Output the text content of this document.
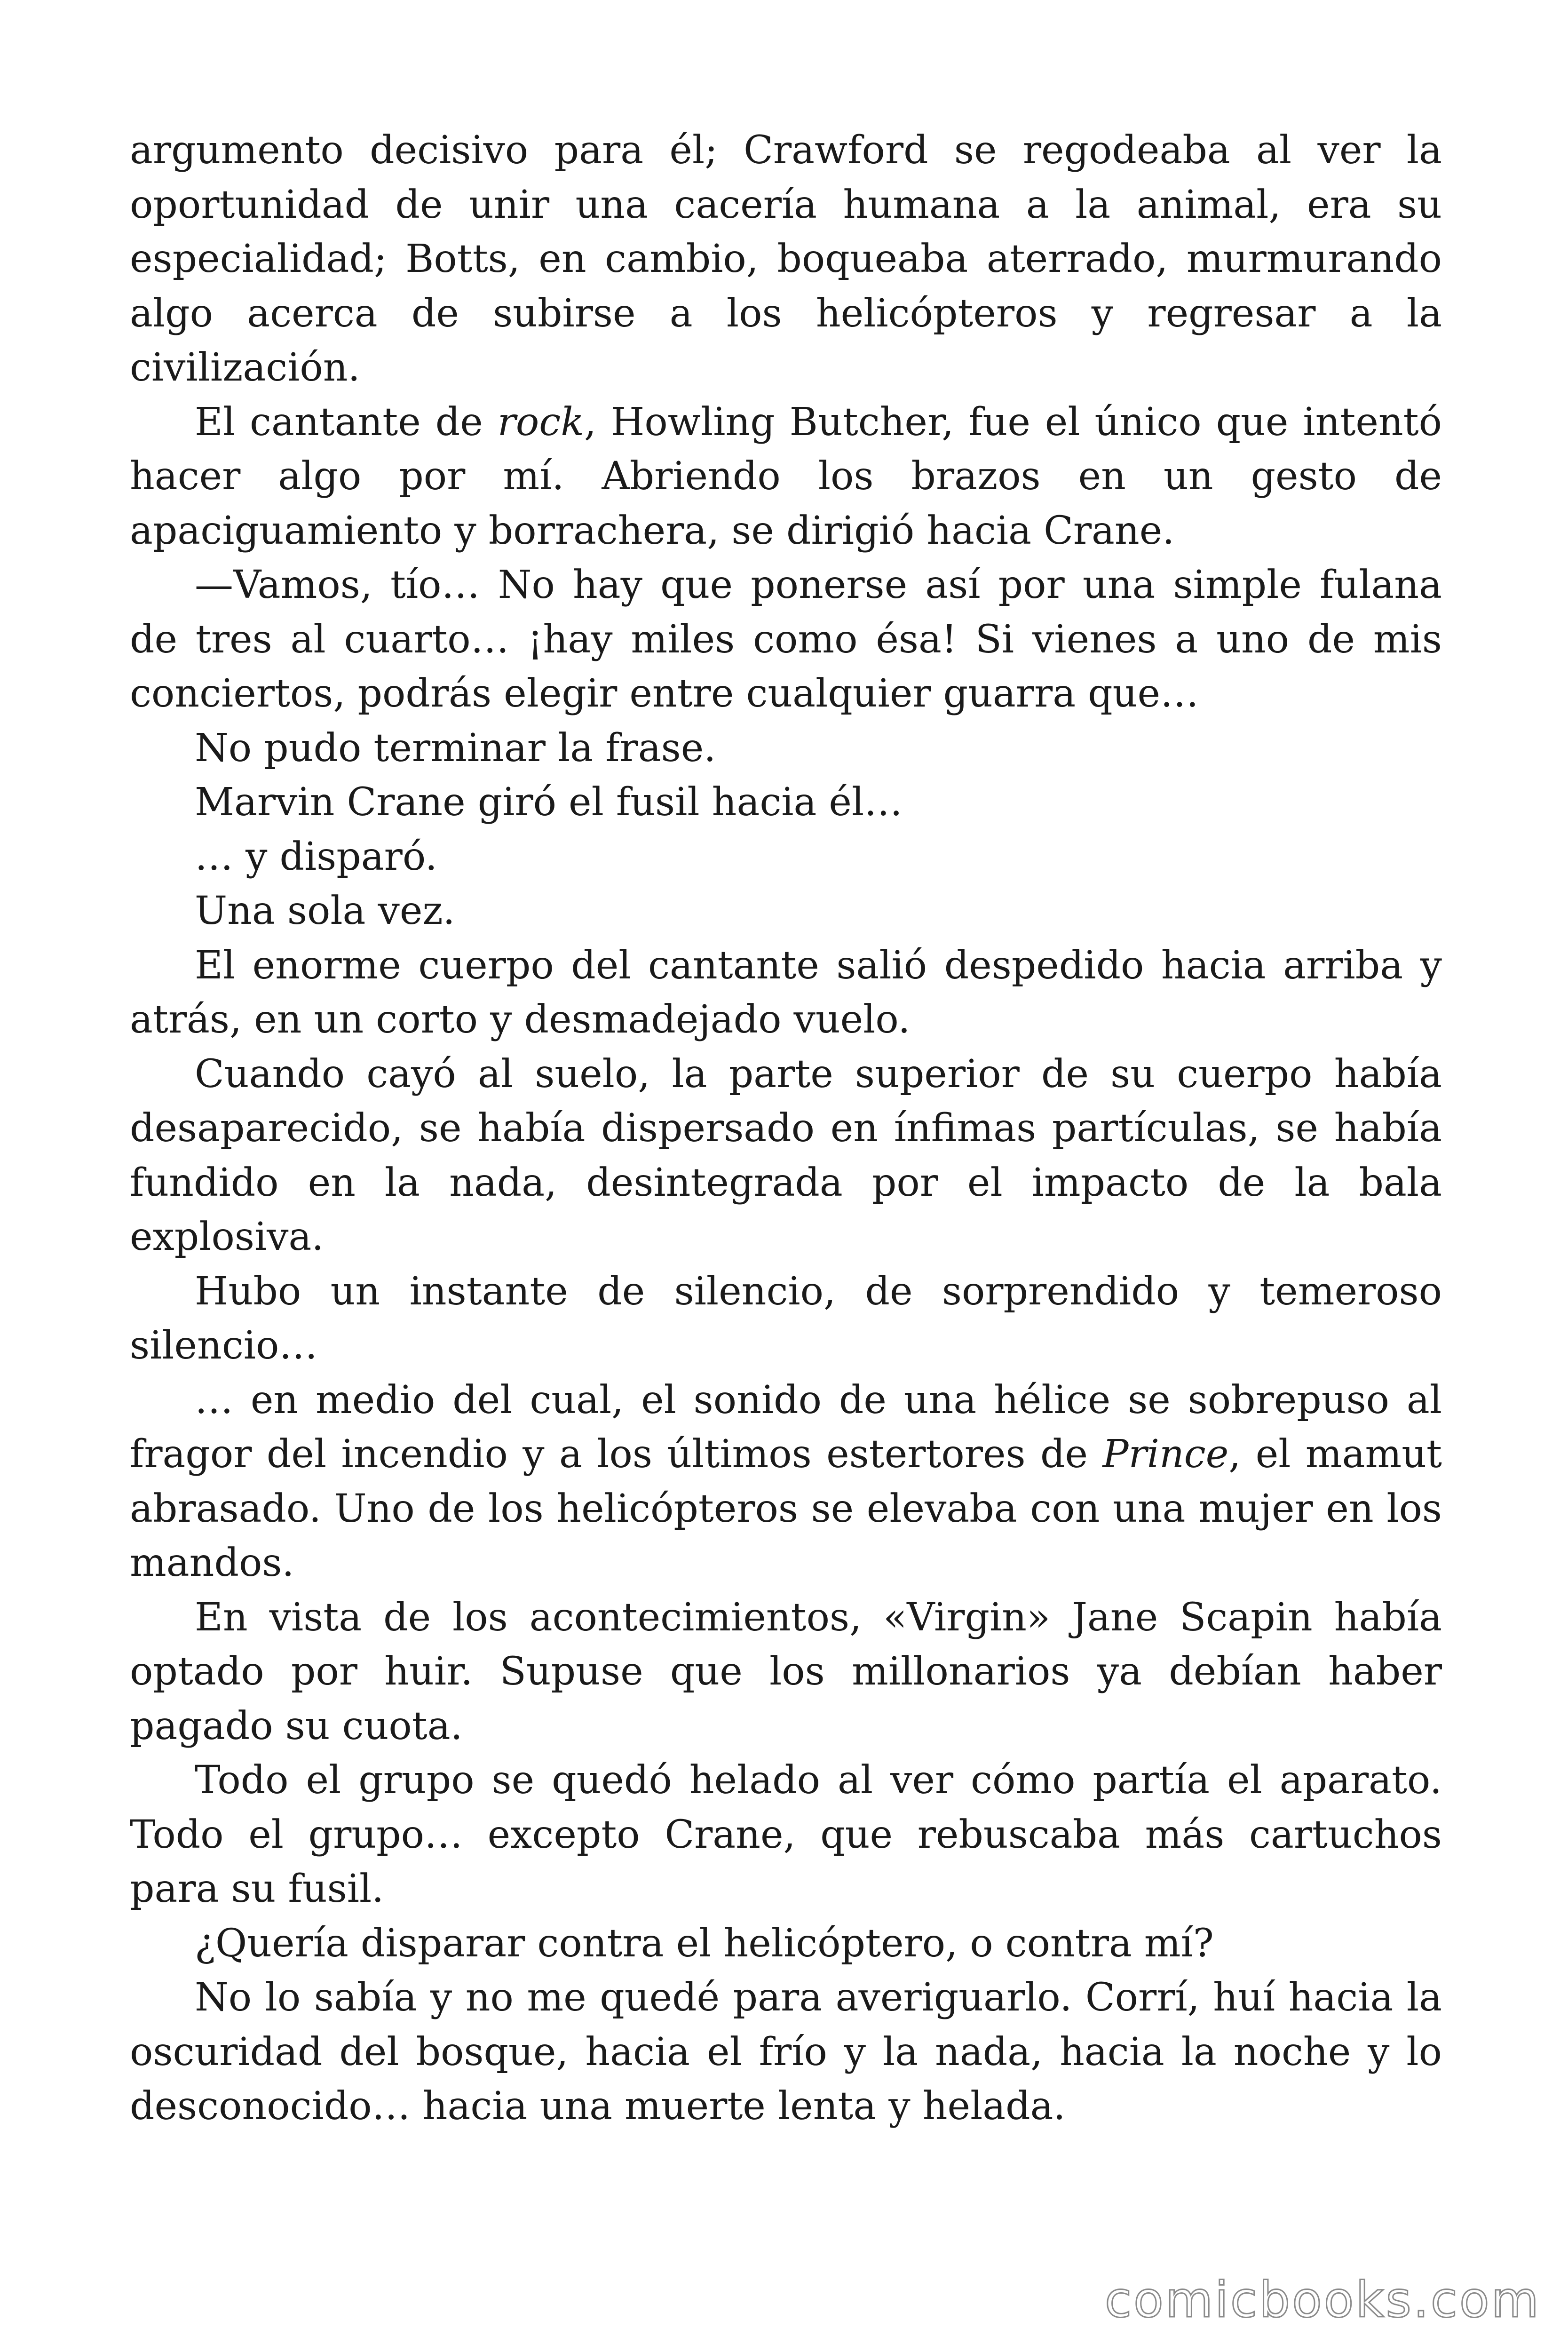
argumento decisivo para él; Crawford se regodeaba al ver la oportunidad de unir una cacería humana a la animal, era su especialidad; Botts, en cambio, boqueaba aterrado, murmurando algo acerca de subirse a los helicópteros y regresar a la civilización.

El cantante de rock, Howling Butcher, fue el único que intentó hacer algo por mí. Abriendo los brazos en un gesto de apaciguamiento y borrachera, se dirigió hacia Crane.

—Vamos, tío… No hay que ponerse así por una simple fulana de tres al cuarto… ¡hay miles como ésa! Si vienes a uno de mis conciertos, podrás elegir entre cualquier guarra que…

No pudo terminar la frase.

Marvin Crane giró el fusil hacia él…

… y disparó.

Una sola vez.

El enorme cuerpo del cantante salió despedido hacia arriba y atrás, en un corto y desmadejado vuelo.

Cuando cayó al suelo, la parte superior de su cuerpo había desaparecido, se había dispersado en ínfimas partículas, se había fundido en la nada, desintegrada por el impacto de la bala explosiva.

Hubo un instante de silencio, de sorprendido y temeroso silencio…

… en medio del cual, el sonido de una hélice se sobrepuso al fragor del incendio y a los últimos estertores de Prince, el mamut abrasado. Uno de los helicópteros se elevaba con una mujer en los mandos.

En vista de los acontecimientos, «Virgin» Jane Scapin había optado por huir. Supuse que los millonarios ya debían haber pagado su cuota.

Todo el grupo se quedó helado al ver cómo partía el aparato. Todo el grupo… excepto Crane, que rebuscaba más cartuchos para su fusil.

¿Quería disparar contra el helicóptero, o contra mí?

No lo sabía y no me quedé para averiguarlo. Corrí, huí hacia la oscuridad del bosque, hacia el frío y la nada, hacia la noche y lo desconocido… hacia una muerte lenta y helada.

comicbooks.com
